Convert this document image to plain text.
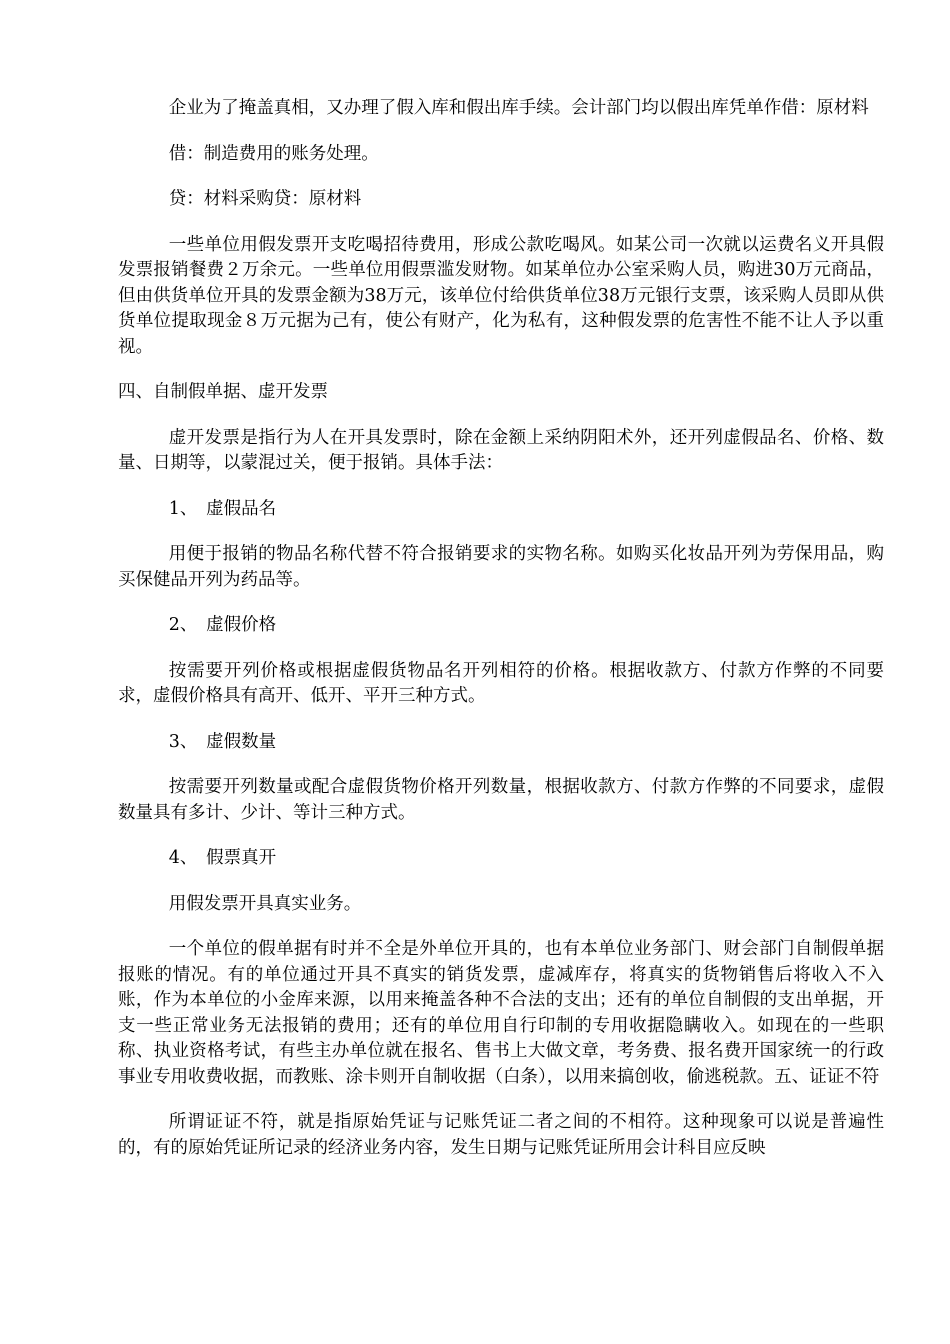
企业为了掩盖真相，又办理了假入库和假出库手续。会计部门均以假出库凭单作借：原材料

借：制造费用的账务处理。

贷：材料采购贷：原材料

一些单位用假发票开支吃喝招待费用，形成公款吃喝风。如某公司一次就以运费名义开具假发票报销餐费２万余元。一些单位用假票滥发财物。如某单位办公室采购人员，购进30万元商品，但由供货单位开具的发票金额为38万元，该单位付给供货单位38万元银行支票，该采购人员即从供货单位提取现金８万元据为己有，使公有财产，化为私有，这种假发票的危害性不能不让人予以重视。

四、自制假单据、虚开发票

虚开发票是指行为人在开具发票时，除在金额上采纳阴阳术外，还开列虚假品名、价格、数量、日期等，以蒙混过关，便于报销。具体手法：

1、　虚假品名

用便于报销的物品名称代替不符合报销要求的实物名称。如购买化妆品开列为劳保用品，购买保健品开列为药品等。

2、　虚假价格

按需要开列价格或根据虚假货物品名开列相符的价格。根据收款方、付款方作弊的不同要求，虚假价格具有高开、低开、平开三种方式。

3、　虚假数量

按需要开列数量或配合虚假货物价格开列数量，根据收款方、付款方作弊的不同要求，虚假数量具有多计、少计、等计三种方式。

4、　假票真开

用假发票开具真实业务。

一个单位的假单据有时并不全是外单位开具的，也有本单位业务部门、财会部门自制假单据报账的情况。有的单位通过开具不真实的销货发票，虚减库存，将真实的货物销售后将收入不入账，作为本单位的小金库来源，以用来掩盖各种不合法的支出；还有的单位自制假的支出单据，开支一些正常业务无法报销的费用；还有的单位用自行印制的专用收据隐瞒收入。如现在的一些职称、执业资格考试，有些主办单位就在报名、售书上大做文章，考务费、报名费开国家统一的行政事业专用收费收据，而教账、涂卡则开自制收据（白条），以用来搞创收，偷逃税款。五、证证不符

所谓证证不符，就是指原始凭证与记账凭证二者之间的不相符。这种现象可以说是普遍性的，有的原始凭证所记录的经济业务内容，发生日期与记账凭证所用会计科目应反映
